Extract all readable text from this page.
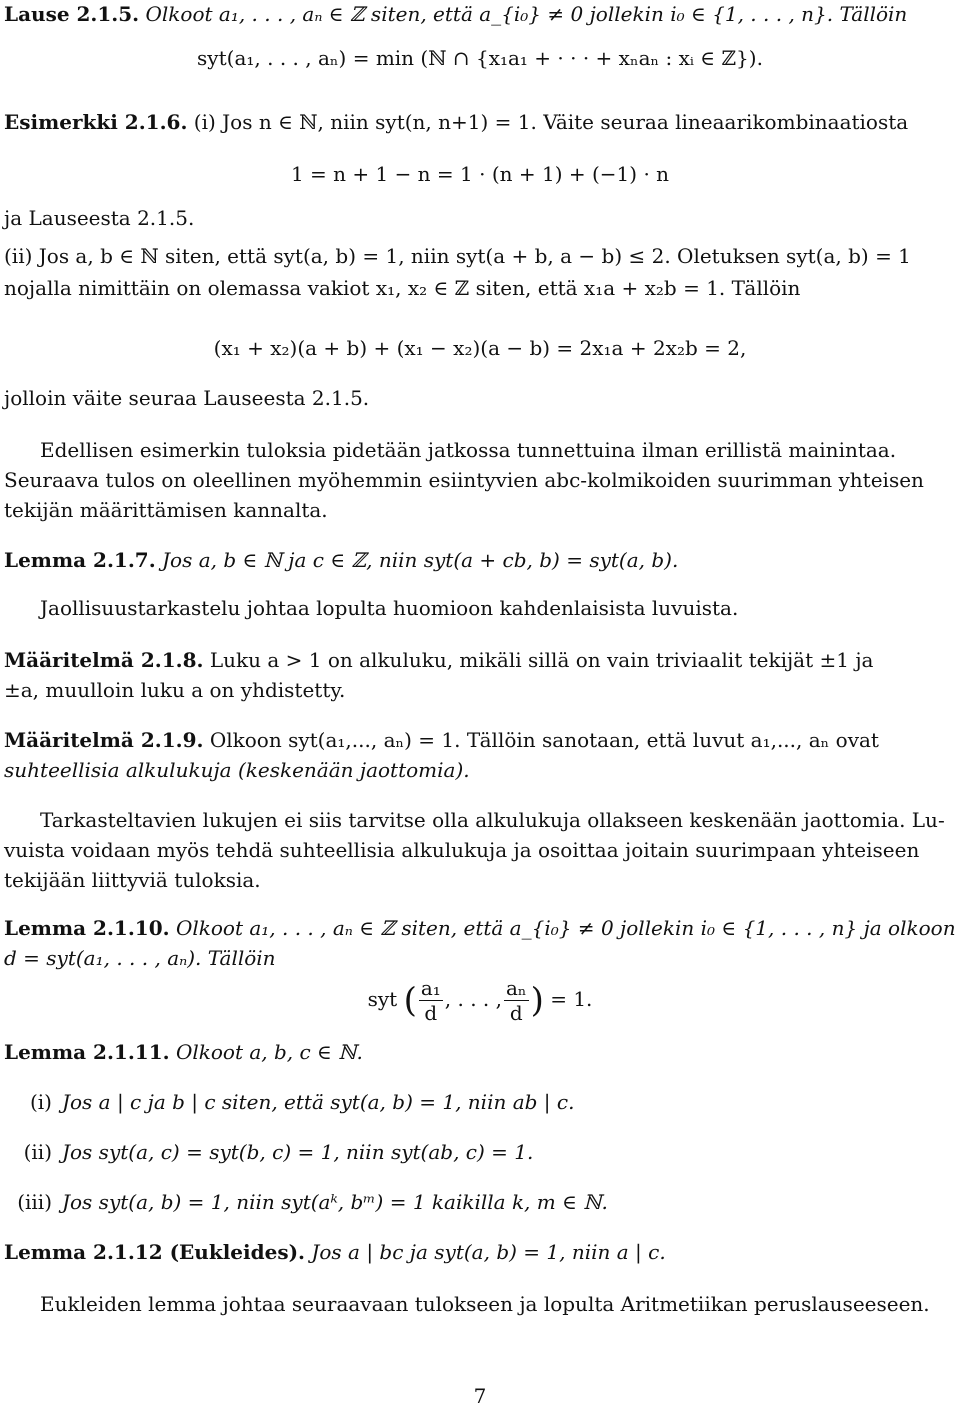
Lause 2.1.5. Olkoot a₁, . . . , aₙ ∈ ℤ siten, että a_{i₀} ≠ 0 jollekin i₀ ∈ {1, . . . , n}. Tällöin
syt(a₁, . . . , aₙ) = min (ℕ ∩ {x₁a₁ + · · · + xₙaₙ : xᵢ ∈ ℤ}).
Esimerkki 2.1.6. (i) Jos n ∈ ℕ, niin syt(n, n+1) = 1. Väite seuraa lineaarikombinaatiosta
1 = n + 1 − n = 1 · (n + 1) + (−1) · n
ja Lauseesta 2.1.5.
(ii) Jos a, b ∈ ℕ siten, että syt(a, b) = 1, niin syt(a + b, a − b) ≤ 2. Oletuksen syt(a, b) = 1
nojalla nimittäin on olemassa vakiot x₁, x₂ ∈ ℤ siten, että x₁a + x₂b = 1. Tällöin
(x₁ + x₂)(a + b) + (x₁ − x₂)(a − b) = 2x₁a + 2x₂b = 2,
jolloin väite seuraa Lauseesta 2.1.5.
Edellisen esimerkin tuloksia pidetään jatkossa tunnettuina ilman erillistä mainintaa.
Seuraava tulos on oleellinen myöhemmin esiintyvien abc-kolmikoiden suurimman yhteisen
tekijän määrittämisen kannalta.
Lemma 2.1.7. Jos a, b ∈ ℕ ja c ∈ ℤ, niin syt(a + cb, b) = syt(a, b).
Jaollisuustarkastelu johtaa lopulta huomioon kahdenlaisista luvuista.
Määritelmä 2.1.8. Luku a > 1 on alkuluku, mikäli sillä on vain triviaalit tekijät ±1 ja
±a, muulloin luku a on yhdistetty.
Määritelmä 2.1.9. Olkoon syt(a₁,..., aₙ) = 1. Tällöin sanotaan, että luvut a₁,..., aₙ ovat
suhteellisia alkulukuja (keskenään jaottomia).
Tarkasteltavien lukujen ei siis tarvitse olla alkulukuja ollakseen keskenään jaottomia. Lu-
vuista voidaan myös tehdä suhteellisia alkulukuja ja osoittaa joitain suurimpaan yhteiseen
tekijään liittyviä tuloksia.
Lemma 2.1.10. Olkoot a₁, . . . , aₙ ∈ ℤ siten, että a_{i₀} ≠ 0 jollekin i₀ ∈ {1, . . . , n} ja olkoon
d = syt(a₁, . . . , aₙ). Tällöin
syt ( $\frac{\text{a₁}}{d}$ , . . . , $\frac{\text{aₙ}}{d}$ ) = 1.
Lemma 2.1.11. Olkoot a, b, c ∈ ℕ.
(i) Jos a | c ja b | c siten, että syt(a, b) = 1, niin ab | c.
(ii) Jos syt(a, c) = syt(b, c) = 1, niin syt(ab, c) = 1.
(iii) Jos syt(a, b) = 1, niin syt(aᵏ, bᵐ) = 1 kaikilla k, m ∈ ℕ.
Lemma 2.1.12 (Eukleides). Jos a | bc ja syt(a, b) = 1, niin a | c.
Eukleiden lemma johtaa seuraavaan tulokseen ja lopulta Aritmetiikan peruslauseeseen.
7
